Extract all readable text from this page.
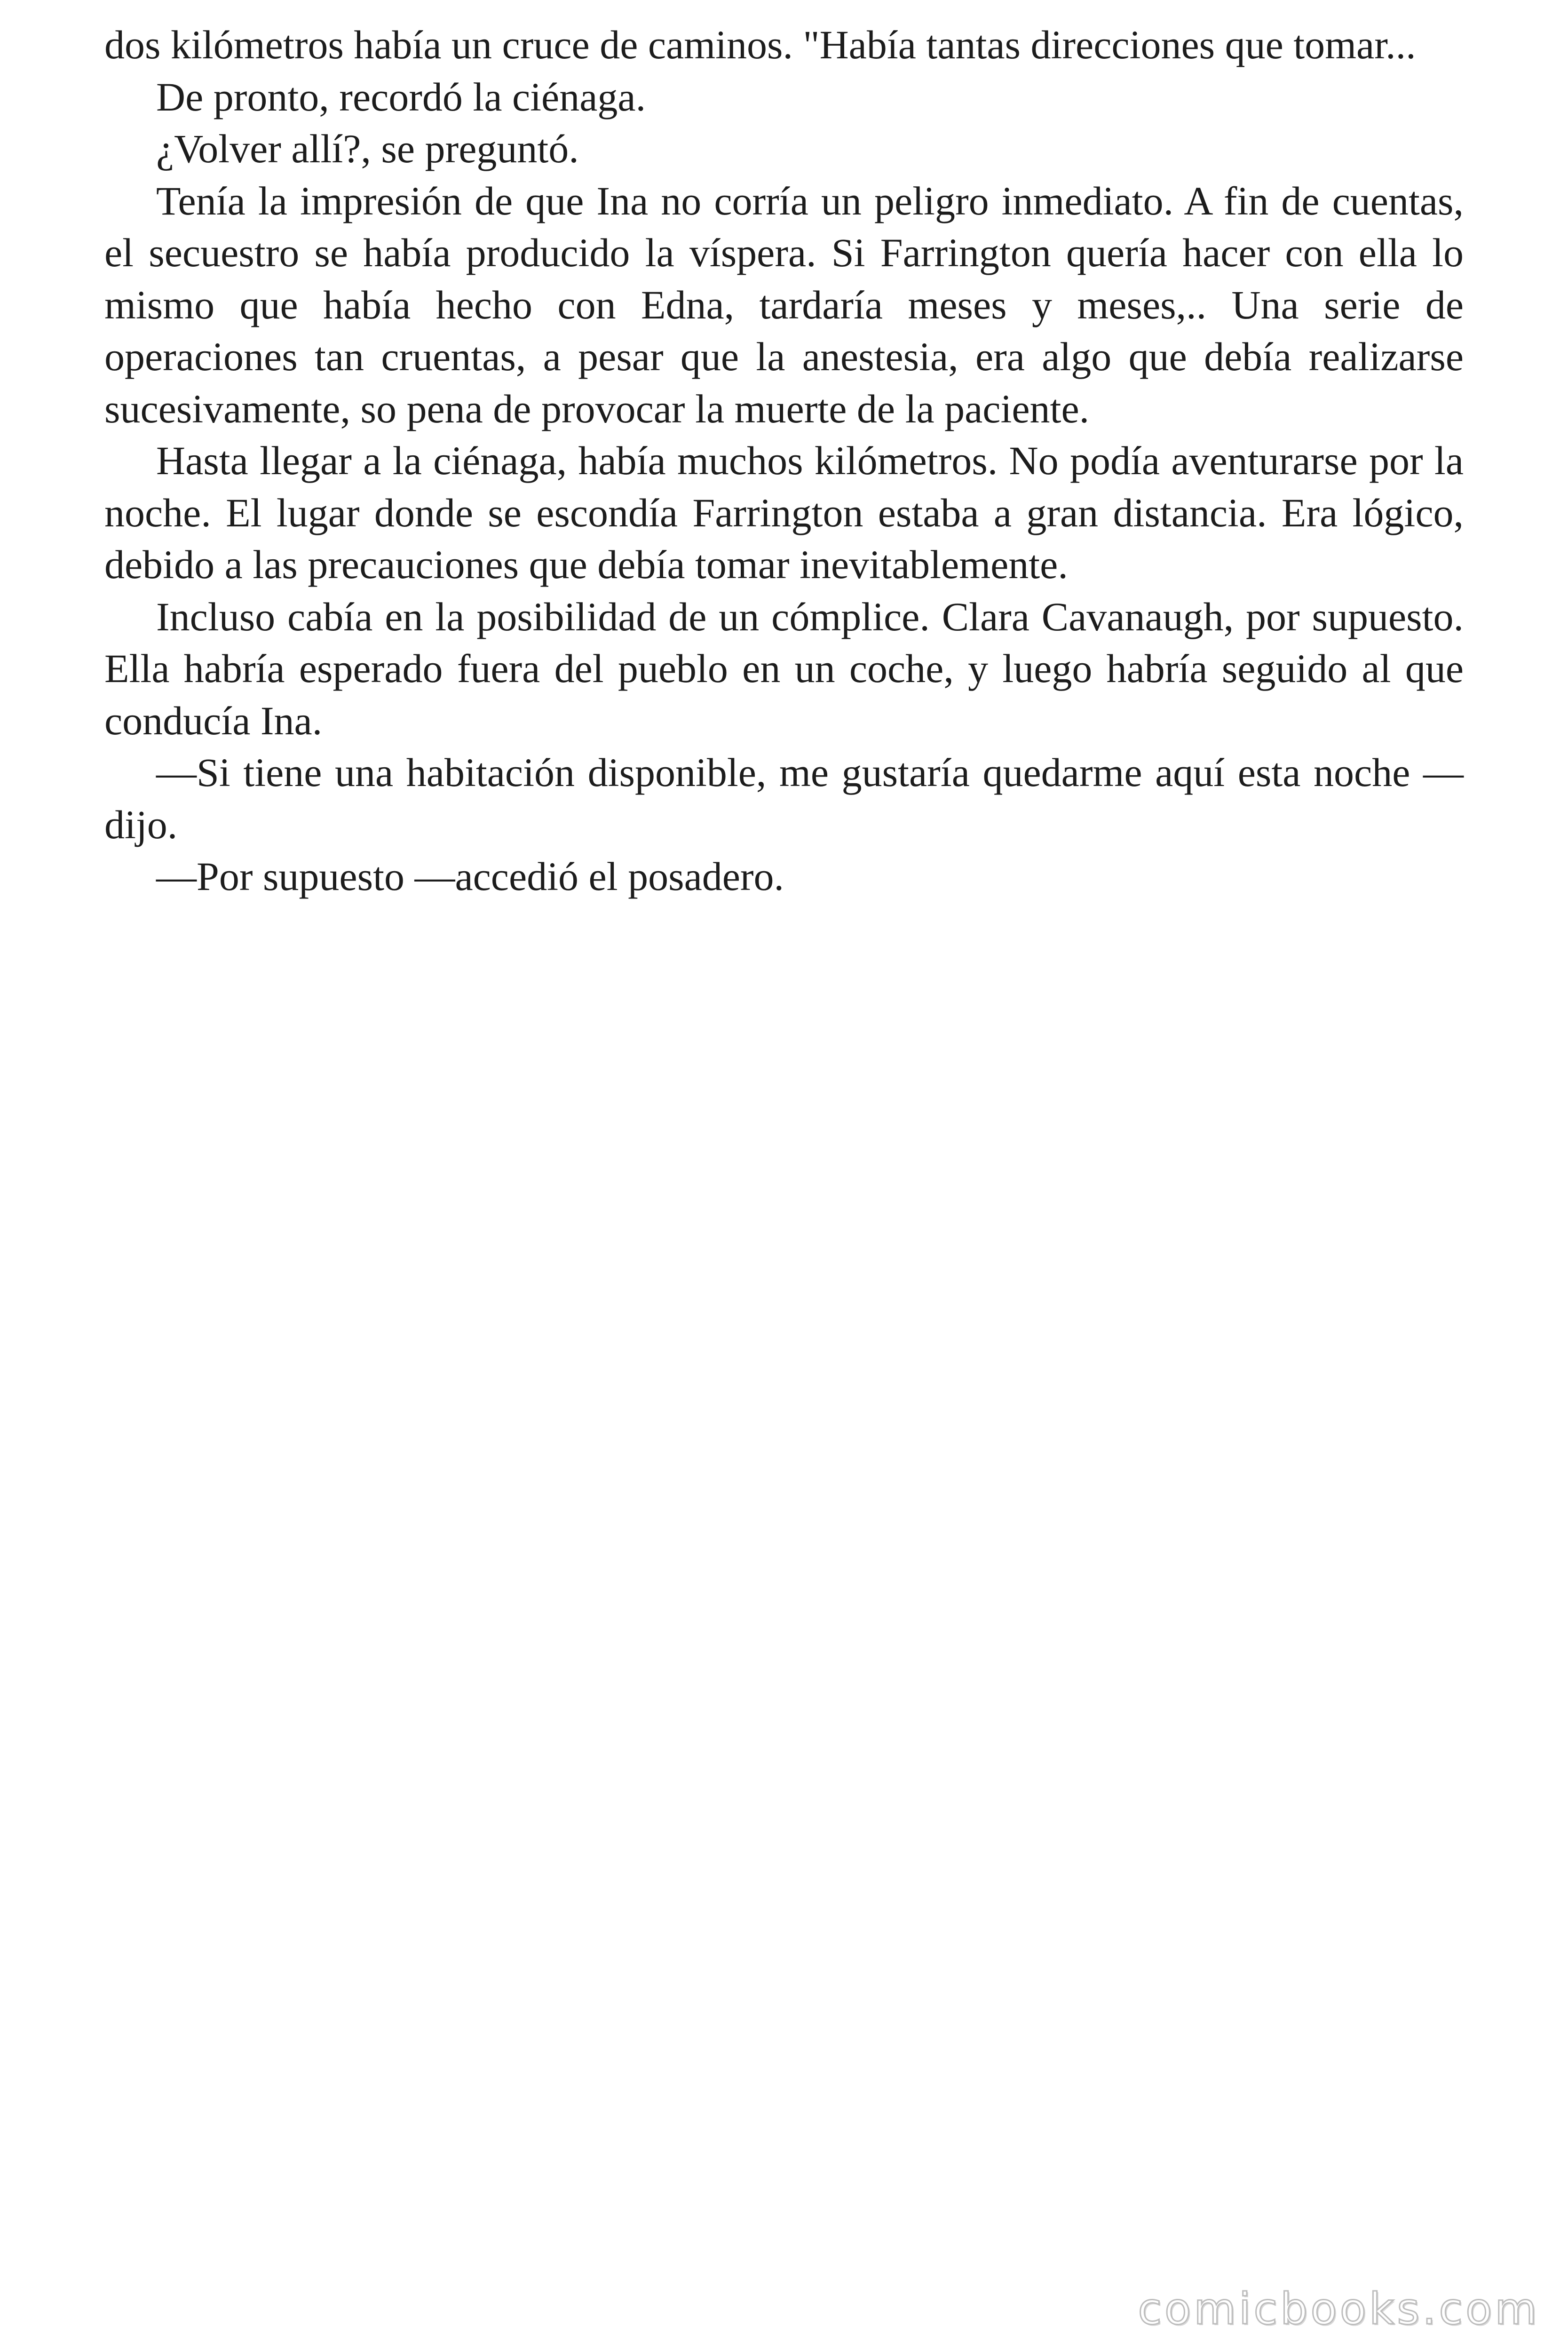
dos kilómetros había un cruce de caminos. "Había tantas direcciones que tomar...

De pronto, recordó la ciénaga.

¿Volver allí?, se preguntó.

Tenía la impresión de que Ina no corría un peligro inmediato. A fin de cuentas, el secuestro se había producido la víspera. Si Farrington quería hacer con ella lo mismo que había hecho con Edna, tardaría meses y meses,.. Una serie de operaciones tan cruentas, a pesar que la anestesia, era algo que debía realizarse sucesivamente, so pena de provocar la muerte de la paciente.

Hasta llegar a la ciénaga, había muchos kilómetros. No podía aventurarse por la noche. El lugar donde se escondía Farrington estaba a gran distancia. Era lógico, debido a las precauciones que debía tomar inevitablemente.

Incluso cabía en la posibilidad de un cómplice. Clara Cavanaugh, por supuesto. Ella habría esperado fuera del pueblo en un coche, y luego habría seguido al que conducía Ina.

—Si tiene una habitación disponible, me gustaría quedarme aquí esta noche —dijo.

—Por supuesto —accedió el posadero.

comicbooks.com
